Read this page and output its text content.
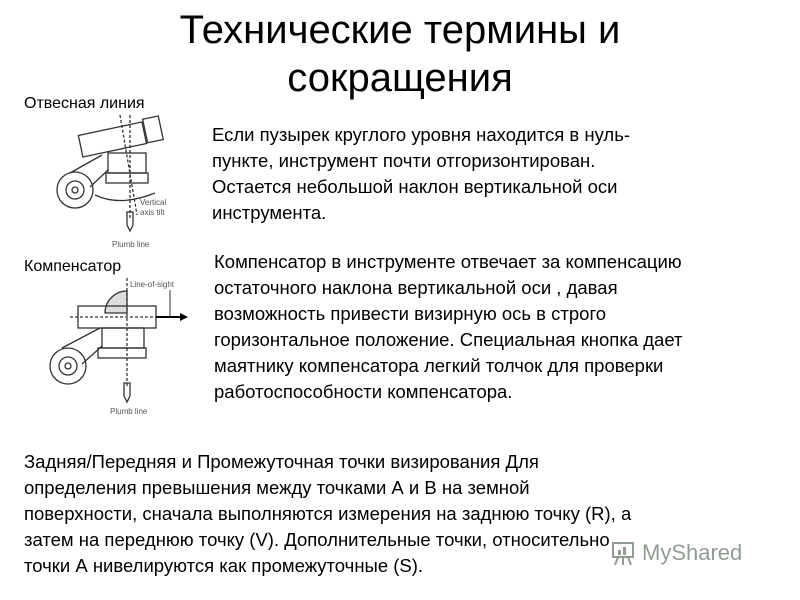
Технические термины и
сокращения
Отвесная линия
Компенсатор
Vertical
axis tilt
Plumb line
Line-of-sight
Plumb line
Если пузырек круглого уровня находится в нуль-
пункте, инструмент почти отгоризонтирован.
Остается небольшой наклон вертикальной оси
инструмента.
Компенсатор в инструменте отвечает за компенсацию
остаточного наклона вертикальной оси , давая
возможность привести визирную ось в строго
горизонтальное положение. Специальная кнопка дает
маятнику компенсатора легкий толчок для проверки
работоспособности компенсатора.
Задняя/Передняя и Промежуточная точки визирования Для
определения превышения между точками А и В на земной
поверхности, сначала выполняются измерения на заднюю точку (R), а
затем на переднюю точку (V). Дополнительные точки, относительно
точки А нивелируются как промежуточные (S).
MyShared
